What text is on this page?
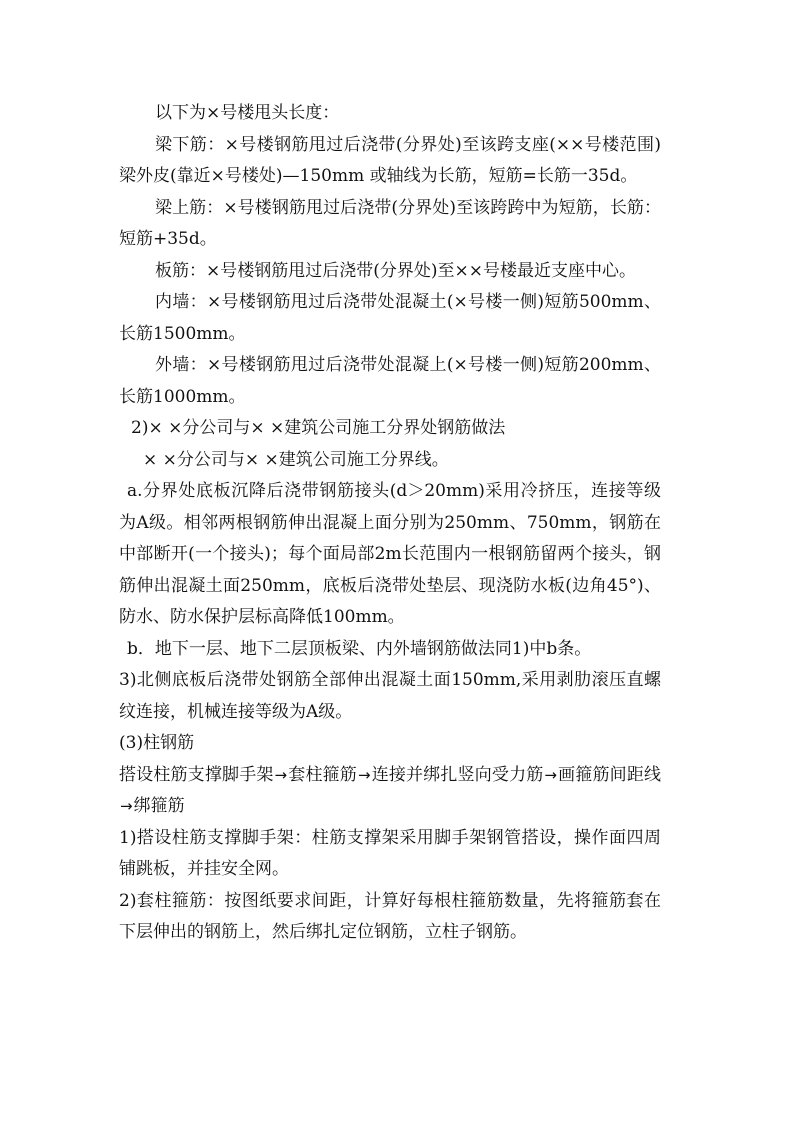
以下为×号楼甩头长度：

梁下筋：×号楼钢筋甩过后浇带(分界处)至该跨支座(××号楼范围)梁外皮(靠近×号楼处)—150mm 或轴线为长筋，短筋=长筋一35d。

梁上筋：×号楼钢筋甩过后浇带(分界处)至该跨跨中为短筋，长筋：短筋+35d。

板筋：×号楼钢筋甩过后浇带(分界处)至××号楼最近支座中心。

内墙：×号楼钢筋甩过后浇带处混凝土(×号楼一侧)短筋500mm、长筋1500mm。

外墙：×号楼钢筋甩过后浇带处混凝上(×号楼一侧)短筋200mm、长筋1000mm。

2)× ×分公司与× ×建筑公司施工分界处钢筋做法

× ×分公司与× ×建筑公司施工分界线。

a.分界处底板沉降后浇带钢筋接头(d＞20mm)采用冷挤压，连接等级为A级。相邻两根钢筋伸出混凝上面分别为250mm、750mm，钢筋在中部断开(一个接头)；每个面局部2m长范围内一根钢筋留两个接头，钢筋伸出混凝土面250mm，底板后浇带处垫层、现浇防水板(边角45°)、防水、防水保护层标高降低100mm。

b．地下一层、地下二层顶板梁、内外墙钢筋做法同1)中b条。

3)北侧底板后浇带处钢筋全部伸出混凝土面150mm,采用剥肋滚压直螺纹连接，机械连接等级为A级。

(3)柱钢筋

搭设柱筋支撑脚手架→套柱箍筋→连接并绑扎竖向受力筋→画箍筋间距线→绑箍筋

1)搭设柱筋支撑脚手架：柱筋支撑架采用脚手架钢管搭设，操作面四周铺跳板，并挂安全网。

2)套柱箍筋：按图纸要求间距，计算好每根柱箍筋数量，先将箍筋套在下层伸出的钢筋上，然后绑扎定位钢筋，立柱子钢筋。
